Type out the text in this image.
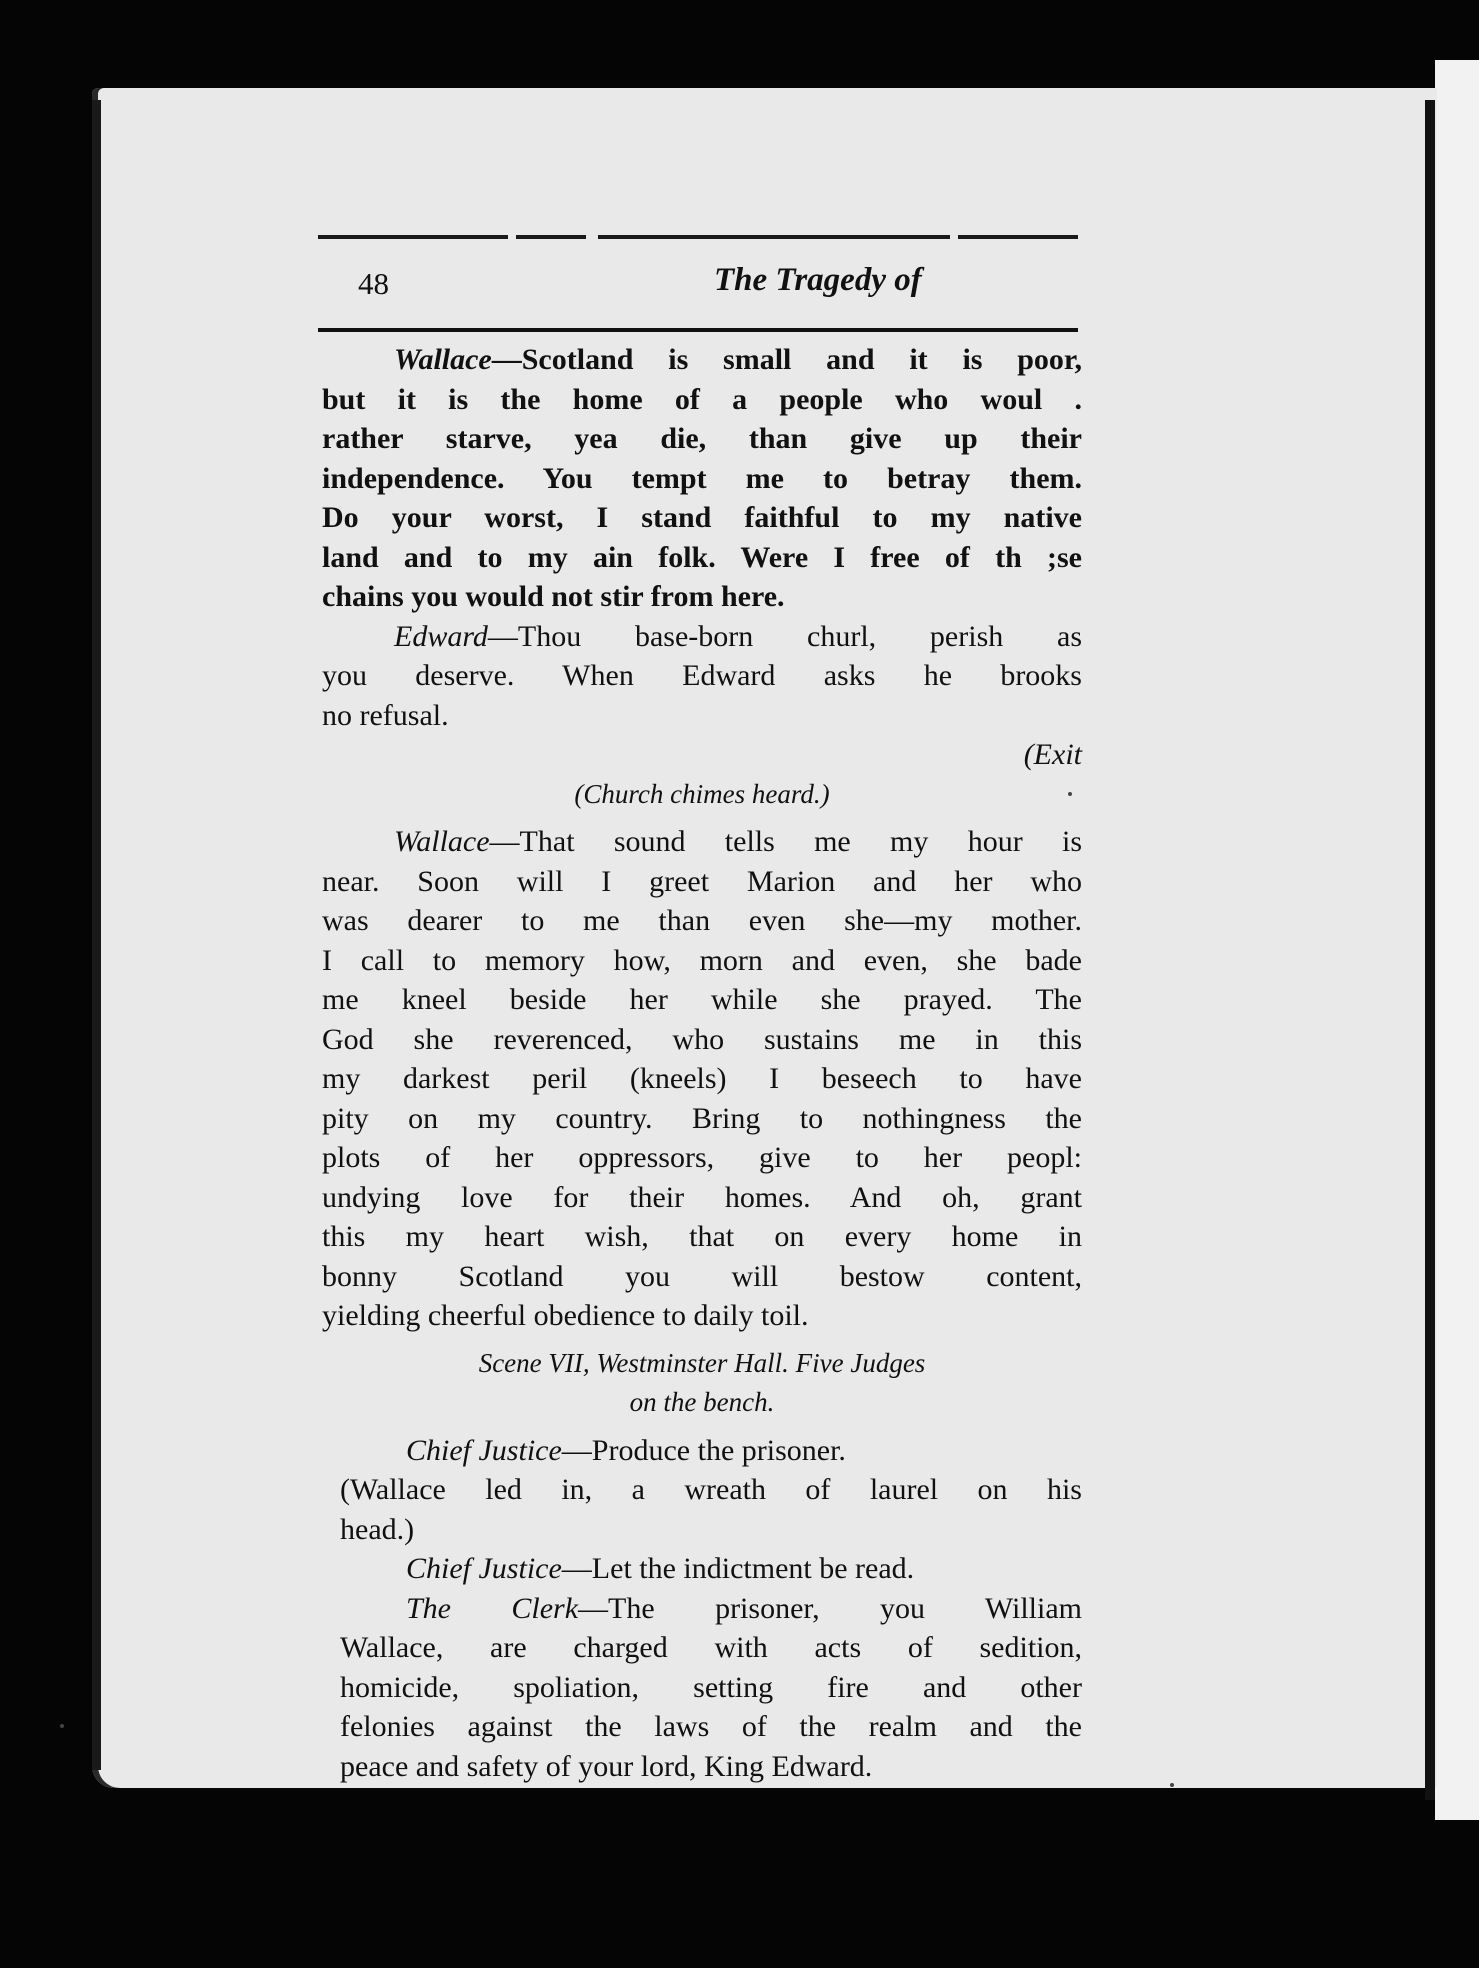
48	The Tragedy of
Wallace—Scotland is small and it is poor,
but it is the home of a people who woul .
rather starve, yea die, than give up their
independence. You tempt me to betray them.
Do your worst, I stand faithful to my native
land and to my ain folk. Were I free of th ;se
chains you would not stir from here.
Edward—Thou base-born churl, perish as
you deserve. When Edward asks he brooks
no refusal.
(Exit
(Church chimes heard.)
Wallace—That sound tells me my hour is
near. Soon will I greet Marion and her who
was dearer to me than even she—my mother.
I call to memory how, morn and even, she bade
me kneel beside her while she prayed. The
God she reverenced, who sustains me in this
my darkest peril (kneels) I beseech to have
pity on my country. Bring to nothingness the
plots of her oppressors, give to her peopl:
undying love for their homes. And oh, grant
this my heart wish, that on every home in
bonny Scotland you will bestow content,
yielding cheerful obedience to daily toil.
Scene VII, Westminster Hall. Five Judges
on the bench.
Chief Justice—Produce the prisoner.
(Wallace led in, a wreath of laurel on his
head.)
Chief Justice—Let the indictment be read.
The Clerk—The prisoner, you William
Wallace, are charged with acts of sedition,
homicide, spoliation, setting fire and other
felonies against the laws of the realm and the
peace and safety of your lord, King Edward.
